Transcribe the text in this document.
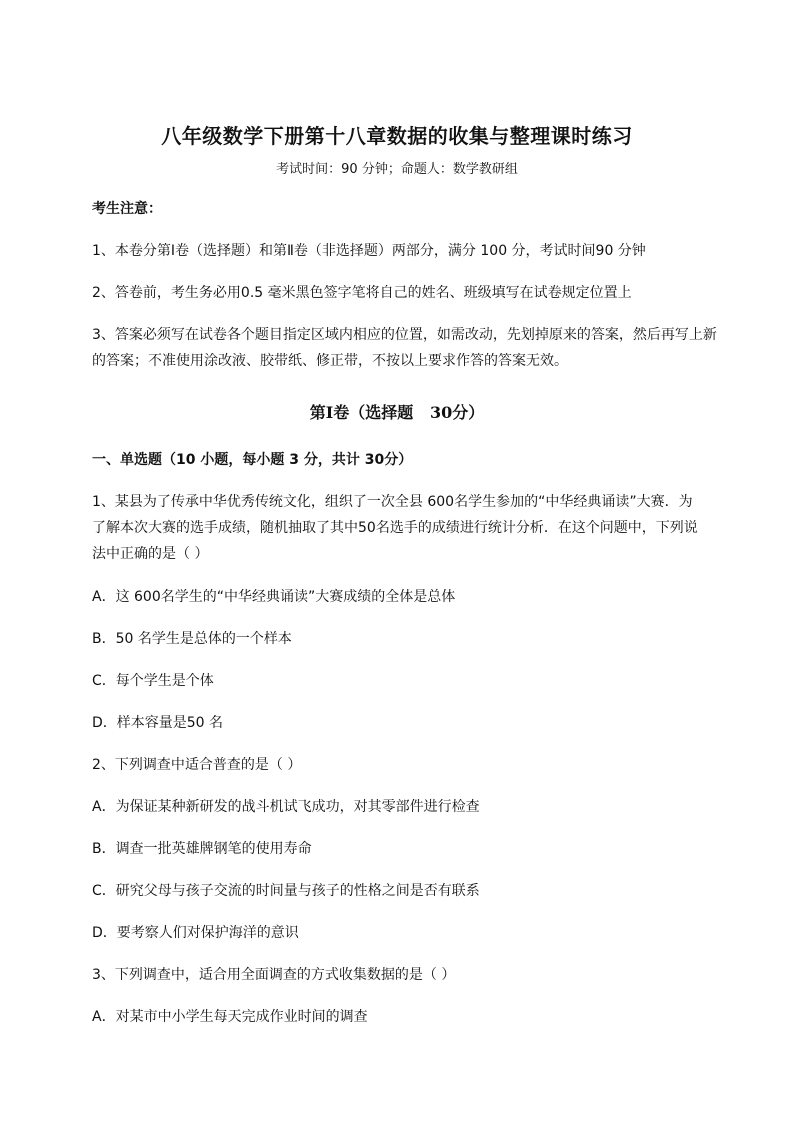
八年级数学下册第十八章数据的收集与整理课时练习
考试时间：90 分钟；命题人：数学教研组
考生注意：
1、本卷分第Ⅰ卷（选择题）和第Ⅱ卷（非选择题）两部分，满分 100 分，考试时间90 分钟
2、答卷前，考生务必用0.5 毫米黑色签字笔将自己的姓名、班级填写在试卷规定位置上
3、答案必须写在试卷各个题目指定区域内相应的位置，如需改动，先划掉原来的答案，然后再写上新
的答案；不准使用涂改液、胶带纸、修正带，不按以上要求作答的答案无效。
第Ⅰ卷（选择题   30分）
一、单选题（10 小题，每小题 3 分，共计 30分）
1、某县为了传承中华优秀传统文化，组织了一次全县 600名学生参加的“中华经典诵读”大赛．为
了解本次大赛的选手成绩，随机抽取了其中50名选手的成绩进行统计分析．在这个问题中，下列说
法中正确的是（ ）
A．这 600名学生的“中华经典诵读”大赛成绩的全体是总体
B．50 名学生是总体的一个样本
C．每个学生是个体
D．样本容量是50 名
2、下列调查中适合普查的是（ ）
A．为保证某种新研发的战斗机试飞成功，对其零部件进行检查
B．调查一批英雄牌钢笔的使用寿命
C．研究父母与孩子交流的时间量与孩子的性格之间是否有联系
D．要考察人们对保护海洋的意识
3、下列调查中，适合用全面调查的方式收集数据的是（ ）
A．对某市中小学生每天完成作业时间的调查
